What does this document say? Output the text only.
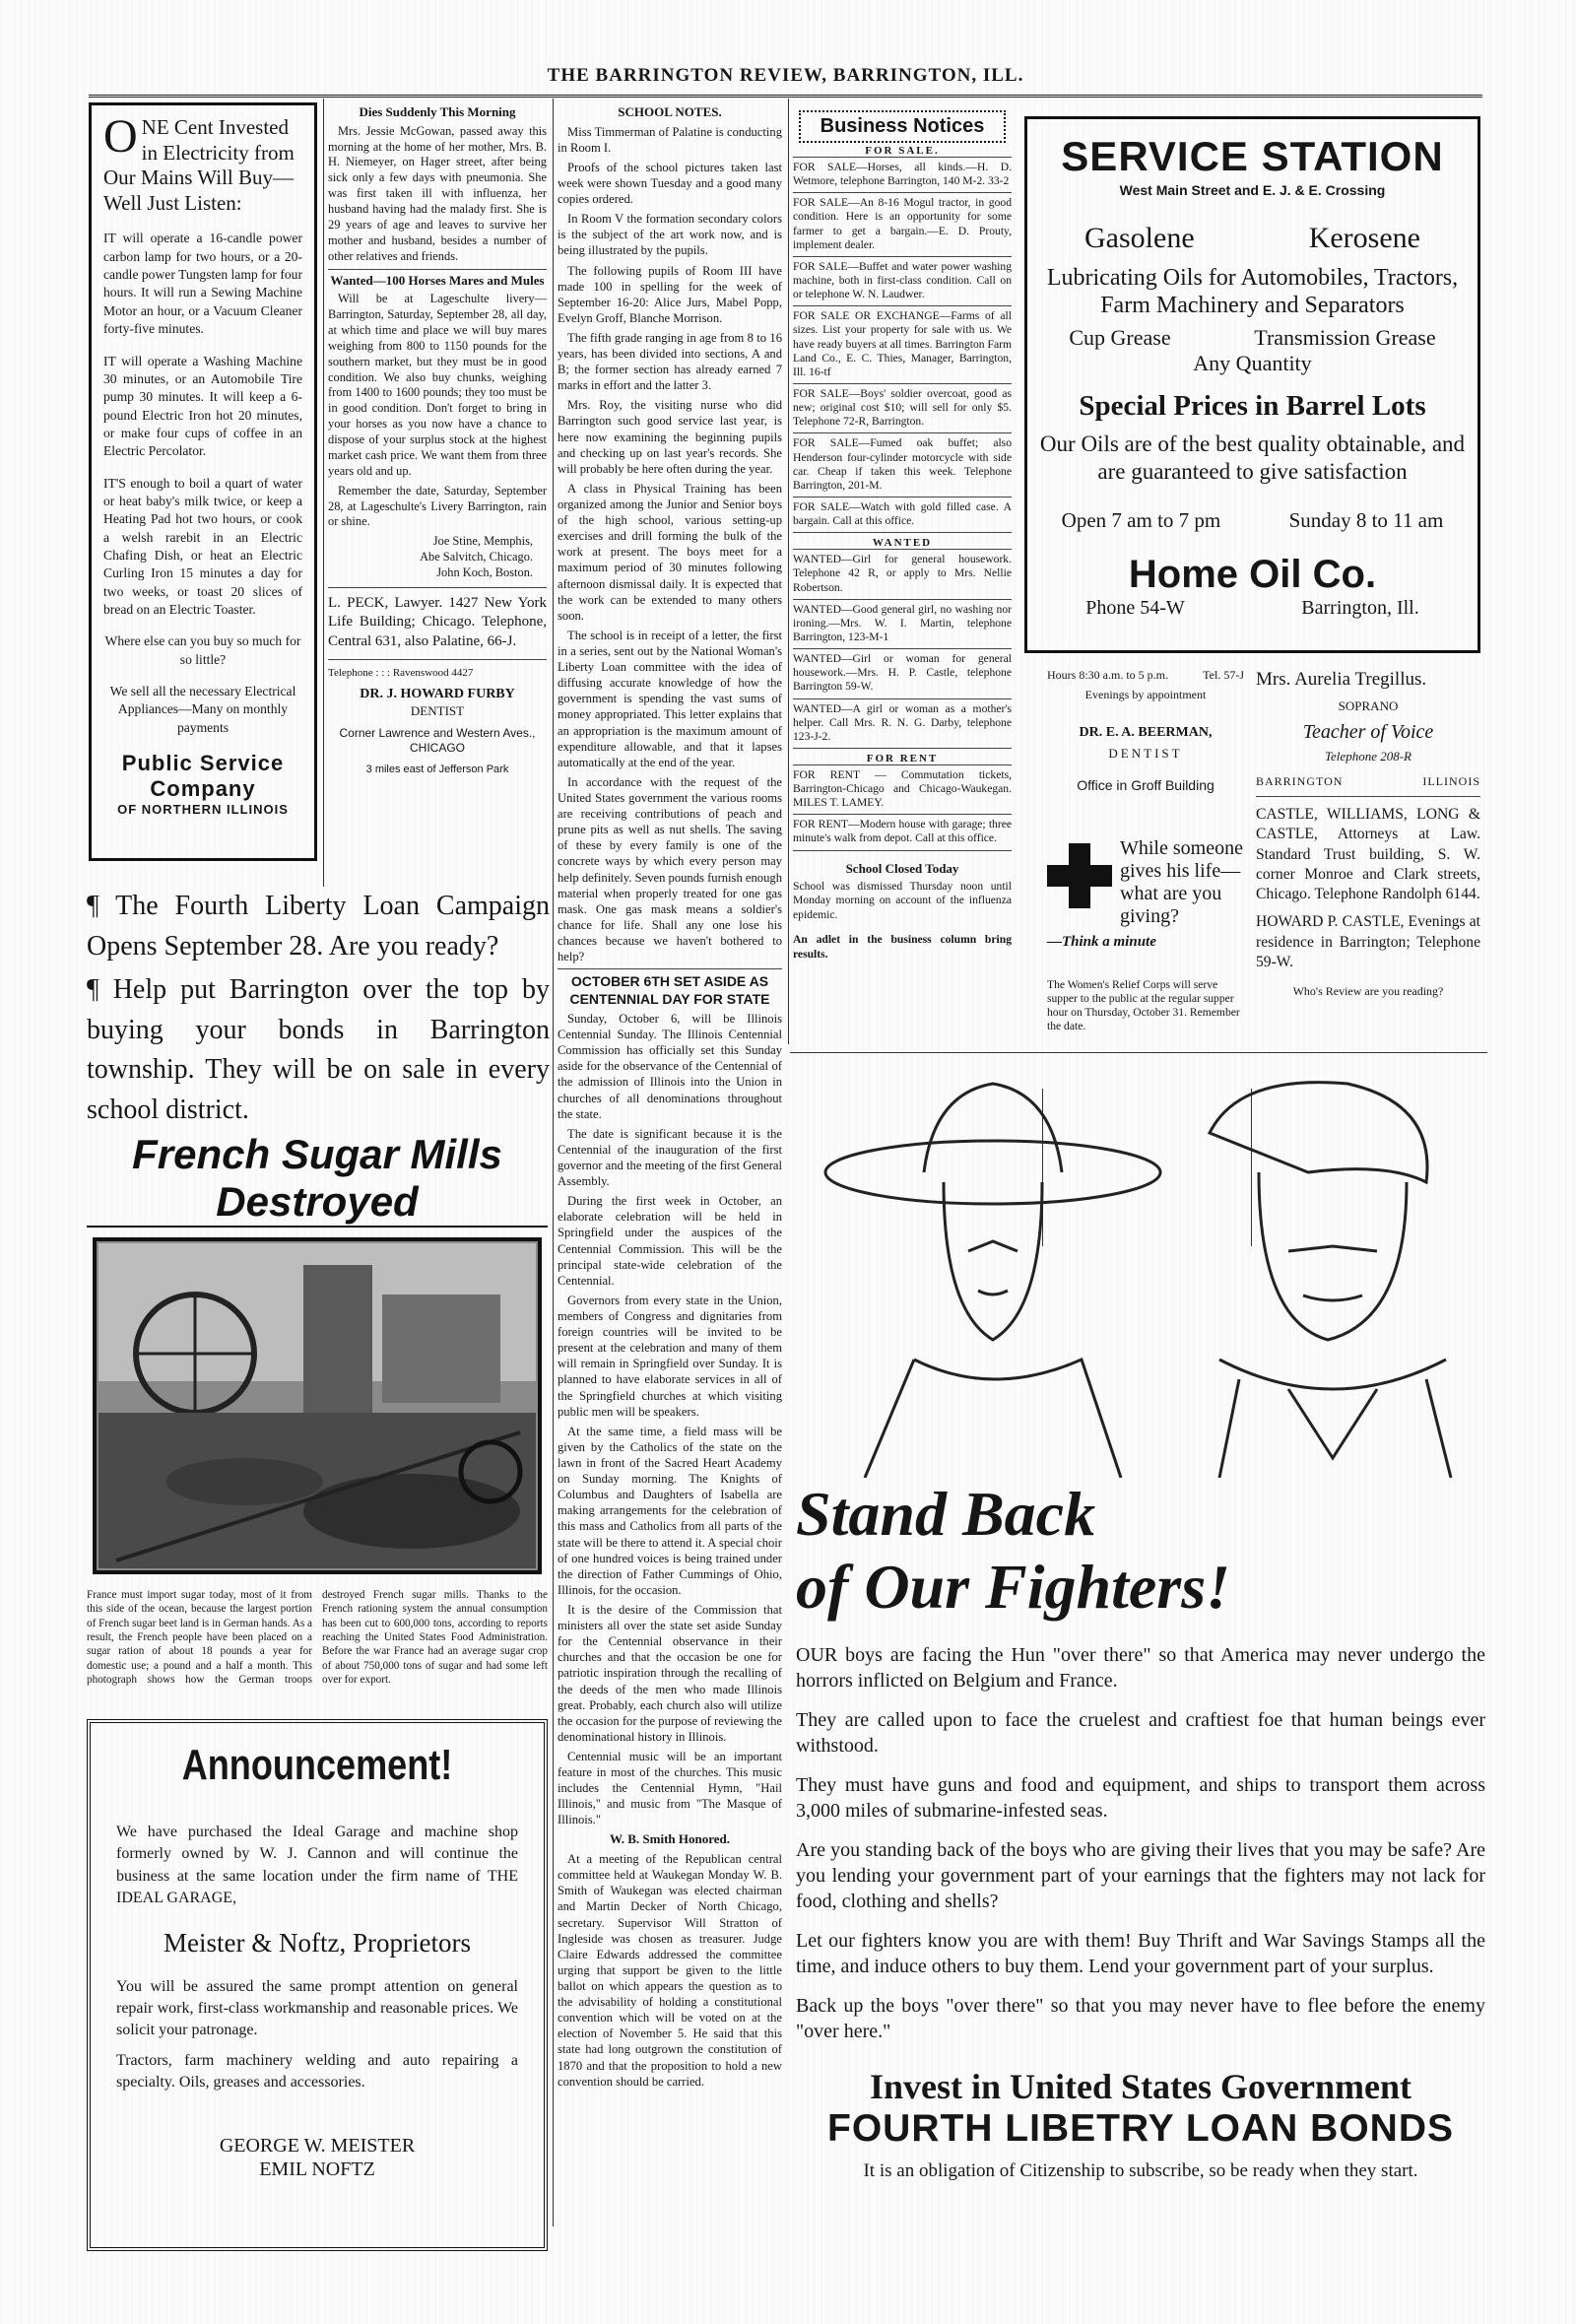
THE BARRINGTON REVIEW, BARRINGTON, ILL.

ONE Cent Invested in Electricity from Our Mains Will Buy—Well Just Listen:

IT will operate a 16-candle power carbon lamp for two hours, or a 20-candle power Tungsten lamp for four hours. It will run a Sewing Machine Motor an hour, or a Vacuum Cleaner forty-five minutes.

IT will operate a Washing Machine 30 minutes, or an Automobile Tire pump 30 minutes. It will keep a 6-pound Electric Iron hot 20 minutes, or make four cups of coffee in an Electric Percolator.

IT'S enough to boil a quart of water or heat baby's milk twice, or keep a Heating Pad hot two hours, or cook a welsh rarebit in an Electric Chafing Dish, or heat an Electric Curling Iron 15 minutes a day for two weeks, or toast 20 slices of bread on an Electric Toaster.

Where else can you buy so much for so little?

We sell all the necessary Electrical Appliances—Many on monthly payments

Public Service
Company
OF NORTHERN ILLINOIS
Dies Suddenly This Morning

Mrs. Jessie McGowan, passed away this morning at the home of her mother, Mrs. B. H. Niemeyer, on Hager street, after being sick only a few days with pneumonia. She was first taken ill with influenza, her husband having had the malady first. She is 29 years of age and leaves to survive her mother and husband, besides a number of other relatives and friends.

Wanted—100 Horses Mares and Mules

Will be at Lageschulte livery—Barrington, Saturday, September 28, all day, at which time and place we will buy mares weighing from 800 to 1150 pounds for the southern market, but they must be in good condition. We also buy chunks, weighing from 1400 to 1600 pounds; they too must be in good condition. Don't forget to bring in your horses as you now have a chance to dispose of your surplus stock at the highest market cash price. We want them from three years old and up.

Remember the date, Saturday, September 28, at Lageschulte's Livery Barrington, rain or shine.

Joe Stine, Memphis,
Abe Salvitch, Chicago.
John Koch, Boston.
L. PECK, Lawyer. 1427 New York Life Building; Chicago. Telephone, Central 631, also Palatine, 66-J.
Telephone : : : Ravenswood 4427
DR. J. HOWARD FURBY
DENTIST
Corner Lawrence and Western Aves., CHICAGO
3 miles east of Jefferson Park

¶ The Fourth Liberty Loan Campaign Opens September 28. Are you ready?

¶ Help put Barrington over the top by buying your bonds in Barrington township. They will be on sale in every school district.

French Sugar Mills Destroyed
France must import sugar today, most of it from this side of the ocean, because the largest portion of French sugar beet land is in German hands. As a result, the French people have been placed on a sugar ration of about 18 pounds a year for domestic use; a pound and a half a month. This photograph shows how the German troops destroyed French sugar mills. Thanks to the French rationing system the annual consumption has been cut to 600,000 tons, according to reports reaching the United States Food Administration. Before the war France had an average sugar crop of about 750,000 tons of sugar and had some left over for export.
Announcement!

We have purchased the Ideal Garage and machine shop formerly owned by W. J. Cannon and will continue the business at the same location under the firm name of THE IDEAL GARAGE,

Meister & Noftz, Proprietors

You will be assured the same prompt attention on general repair work, first-class workmanship and reasonable prices. We solicit your patronage.

Tractors, farm machinery welding and auto repairing a specialty. Oils, greases and accessories.

GEORGE W. MEISTER
EMIL NOFTZ
SCHOOL NOTES.

Miss Timmerman of Palatine is conducting in Room I.

Proofs of the school pictures taken last week were shown Tuesday and a good many copies ordered.

In Room V the formation secondary colors is the subject of the art work now, and is being illustrated by the pupils.

The following pupils of Room III have made 100 in spelling for the week of September 16-20: Alice Jurs, Mabel Popp, Evelyn Groff, Blanche Morrison.

The fifth grade ranging in age from 8 to 16 years, has been divided into sections, A and B; the former section has already earned 7 marks in effort and the latter 3.

Mrs. Roy, the visiting nurse who did Barrington such good service last year, is here now examining the beginning pupils and checking up on last year's records. She will probably be here often during the year.

A class in Physical Training has been organized among the Junior and Senior boys of the high school, various setting-up exercises and drill forming the bulk of the work at present. The boys meet for a maximum period of 30 minutes following afternoon dismissal daily. It is expected that the work can be extended to many others soon.

The school is in receipt of a letter, the first in a series, sent out by the National Woman's Liberty Loan committee with the idea of diffusing accurate knowledge of how the government is spending the vast sums of money appropriated. This letter explains that an appropriation is the maximum amount of expenditure allowable, and that it lapses automatically at the end of the year.

In accordance with the request of the United States government the various rooms are receiving contributions of peach and prune pits as well as nut shells. The saving of these by every family is one of the concrete ways by which every person may help definitely. Seven pounds furnish enough material when properly treated for one gas mask. One gas mask means a soldier's chance for life. Shall any one lose his chances because we haven't bothered to help?

OCTOBER 6TH SET ASIDE AS CENTENNIAL DAY FOR STATE

Sunday, October 6, will be Illinois Centennial Sunday. The Illinois Centennial Commission has officially set this Sunday aside for the observance of the Centennial of the admission of Illinois into the Union in churches of all denominations throughout the state.

The date is significant because it is the Centennial of the inauguration of the first governor and the meeting of the first General Assembly.

During the first week in October, an elaborate celebration will be held in Springfield under the auspices of the Centennial Commission. This will be the principal state-wide celebration of the Centennial.

Governors from every state in the Union, members of Congress and dignitaries from foreign countries will be invited to be present at the celebration and many of them will remain in Springfield over Sunday. It is planned to have elaborate services in all of the Springfield churches at which visiting public men will be speakers.

At the same time, a field mass will be given by the Catholics of the state on the lawn in front of the Sacred Heart Academy on Sunday morning. The Knights of Columbus and Daughters of Isabella are making arrangements for the celebration of this mass and Catholics from all parts of the state will be there to attend it. A special choir of one hundred voices is being trained under the direction of Father Cummings of Ohio, Illinois, for the occasion.

It is the desire of the Commission that ministers all over the state set aside Sunday for the Centennial observance in their churches and that the occasion be one for patriotic inspiration through the recalling of the deeds of the men who made Illinois great. Probably, each church also will utilize the occasion for the purpose of reviewing the denominational history in Illinois.

Centennial music will be an important feature in most of the churches. This music includes the Centennial Hymn, "Hail Illinois," and music from "The Masque of Illinois."

W. B. Smith Honored.

At a meeting of the Republican central committee held at Waukegan Monday W. B. Smith of Waukegan was elected chairman and Martin Decker of North Chicago, secretary. Supervisor Will Stratton of Ingleside was chosen as treasurer. Judge Claire Edwards addressed the committee urging that support be given to the little ballot on which appears the question as to the advisability of holding a constitutional convention which will be voted on at the election of November 5. He said that this state had long outgrown the constitution of 1870 and that the proposition to hold a new convention should be carried.

Business Notices
FOR SALE.
FOR SALE—Horses, all kinds.—H. D. Wetmore, telephone Barrington, 140 M-2. 33-2
FOR SALE—An 8-16 Mogul tractor, in good condition. Here is an opportunity for some farmer to get a bargain.—E. D. Prouty, implement dealer.
FOR SALE—Buffet and water power washing machine, both in first-class condition. Call on or telephone W. N. Laudwer.
FOR SALE OR EXCHANGE—Farms of all sizes. List your property for sale with us. We have ready buyers at all times. Barrington Farm Land Co., E. C. Thies, Manager, Barrington, Ill. 16-tf
FOR SALE—Boys' soldier overcoat, good as new; original cost $10; will sell for only $5. Telephone 72-R, Barrington.
FOR SALE—Fumed oak buffet; also Henderson four-cylinder motorcycle with side car. Cheap if taken this week. Telephone Barrington, 201-M.
FOR SALE—Watch with gold filled case. A bargain. Call at this office.
WANTED
WANTED—Girl for general housework. Telephone 42 R, or apply to Mrs. Nellie Robertson.
WANTED—Good general girl, no washing nor ironing.—Mrs. W. I. Martin, telephone Barrington, 123-M-1
WANTED—Girl or woman for general housework.—Mrs. H. P. Castle, telephone Barrington 59-W.
WANTED—A girl or woman as a mother's helper. Call Mrs. R. N. G. Darby, telephone 123-J-2.
FOR RENT
FOR RENT — Commutation tickets, Barrington-Chicago and Chicago-Waukegan. MILES T. LAMEY.
FOR RENT—Modern house with garage; three minute's walk from depot. Call at this office.
School Closed Today
School was dismissed Thursday noon until Monday morning on account of the influenza epidemic.
An adlet in the business column bring results.
SERVICE STATION
West Main Street and E. J. & E. Crossing
Gasolene	Kerosene
Lubricating Oils for Automobiles, Tractors, Farm Machinery and Separators
Cup Grease	Transmission Grease
Any Quantity
Special Prices in Barrel Lots
Our Oils are of the best quality obtainable, and are guaranteed to give satisfaction
Open 7 am to 7 pm	Sunday 8 to 11 am
Home Oil Co.
Phone 54-W	Barrington, Ill.
Hours 8:30 a.m. to 5 p.m.	Tel. 57-J
Evenings by appointment
DR. E. A. BEERMAN,
DENTIST
Office in Groff Building
While someone gives his life—what are you giving?
—Think a minute
The Women's Relief Corps will serve supper to the public at the regular supper hour on Thursday, October 31. Remember the date.
Mrs. Aurelia Tregillus.
SOPRANO
Teacher of Voice
Telephone 208-R
BARRINGTON	ILLINOIS
CASTLE, WILLIAMS, LONG & CASTLE, Attorneys at Law. Standard Trust building, S. W. corner Monroe and Clark streets, Chicago. Telephone Randolph 6144.
HOWARD P. CASTLE, Evenings at residence in Barrington; Telephone 59-W.
Who's Review are you reading?
Stand Back
of Our Fighters!

OUR boys are facing the Hun "over there" so that America may never undergo the horrors inflicted on Belgium and France.

They are called upon to face the cruelest and craftiest foe that human beings ever withstood.

They must have guns and food and equipment, and ships to transport them across 3,000 miles of submarine-infested seas.

Are you standing back of the boys who are giving their lives that you may be safe? Are you lending your government part of your earnings that the fighters may not lack for food, clothing and shells?

Let our fighters know you are with them! Buy Thrift and War Savings Stamps all the time, and induce others to buy them. Lend your government part of your surplus.

Back up the boys "over there" so that you may never have to flee before the enemy "over here."

Invest in United States Government
FOURTH LIBETRY LOAN BONDS
It is an obligation of Citizenship to subscribe, so be ready when they start.
